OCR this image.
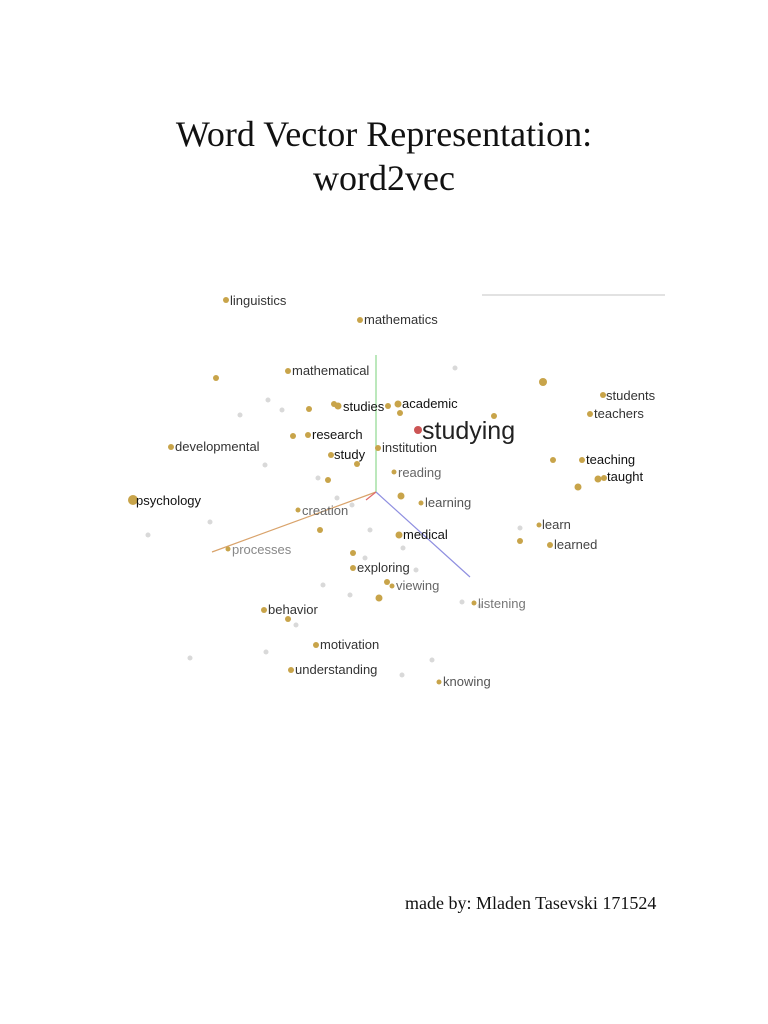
Word Vector Representation:
word2vec
linguistics
mathematics
mathematical
students
studies academic
teachers
research studying
institution
developmental
study	teaching
reading	taught
psychology	learning
creation
learn
medical
learned
processes
exploring
viewing
listening
behavior
motivation
understanding
knowing
made by: Mladen Tasevski 171524
